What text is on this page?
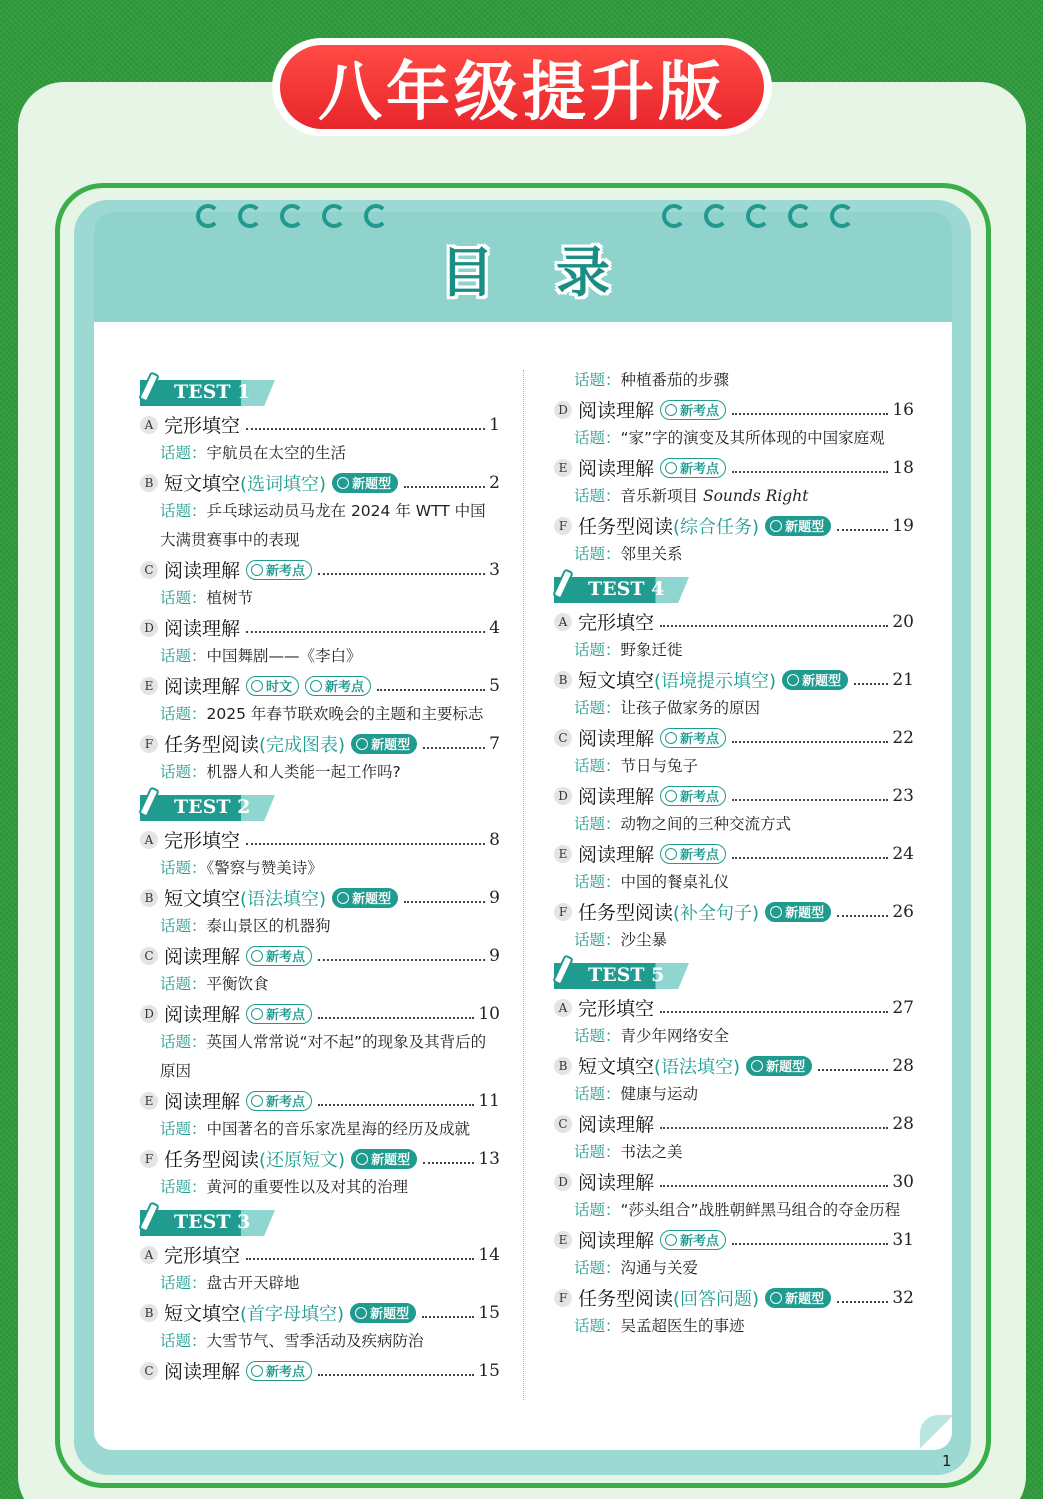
八年级提升版
目 录
TEST 1
A 完形填空	1
话题：宇航员在太空的生活
B 短文填空 (选词填空) 新题型	2
话题：乒乓球运动员马龙在 2024 年 WTT 中国大满贯赛事中的表现
C 阅读理解 新考点	3
话题：植树节
D 阅读理解	4
话题：中国舞剧——《李白》
E 阅读理解 时文	新考点	5
话题：2025 年春节联欢晚会的主题和主要标志
F 任务型阅读 (完成图表) 新题型	7
话题：机器人和人类能一起工作吗?
TEST 2
A 完形填空	8
话题：《警察与赞美诗》
B 短文填空 (语法填空) 新题型	9
话题：泰山景区的机器狗
C 阅读理解 新考点	9
话题：平衡饮食
D 阅读理解 新考点	10
话题：英国人常常说“对不起”的现象及其背后的原因
E 阅读理解 新考点	11
话题：中国著名的音乐家冼星海的经历及成就
F 任务型阅读 (还原短文) 新题型	13
话题：黄河的重要性以及对其的治理
TEST 3
A 完形填空	14
话题：盘古开天辟地
B 短文填空 (首字母填空) 新题型	15
话题：大雪节气、雪季活动及疾病防治
C 阅读理解 新考点	15
话题：种植番茄的步骤
D 阅读理解 新考点	16
话题：“家”字的演变及其所体现的中国家庭观
E 阅读理解 新考点	18
话题：音乐新项目 Sounds Right
F 任务型阅读 (综合任务) 新题型	19
话题：邻里关系
TEST 4
A 完形填空	20
话题：野象迁徙
B 短文填空 (语境提示填空) 新题型	21
话题：让孩子做家务的原因
C 阅读理解 新考点	22
话题：节日与兔子
D 阅读理解 新考点	23
话题：动物之间的三种交流方式
E 阅读理解 新考点	24
话题：中国的餐桌礼仪
F 任务型阅读 (补全句子) 新题型	26
话题：沙尘暴
TEST 5
A 完形填空	27
话题：青少年网络安全
B 短文填空 (语法填空) 新题型	28
话题：健康与运动
C 阅读理解	28
话题：书法之美
D 阅读理解	30
话题：“莎头组合”战胜朝鲜黑马组合的夺金历程
E 阅读理解 新考点	31
话题：沟通与关爱
F 任务型阅读 (回答问题) 新题型	32
话题：吴孟超医生的事迹
1
